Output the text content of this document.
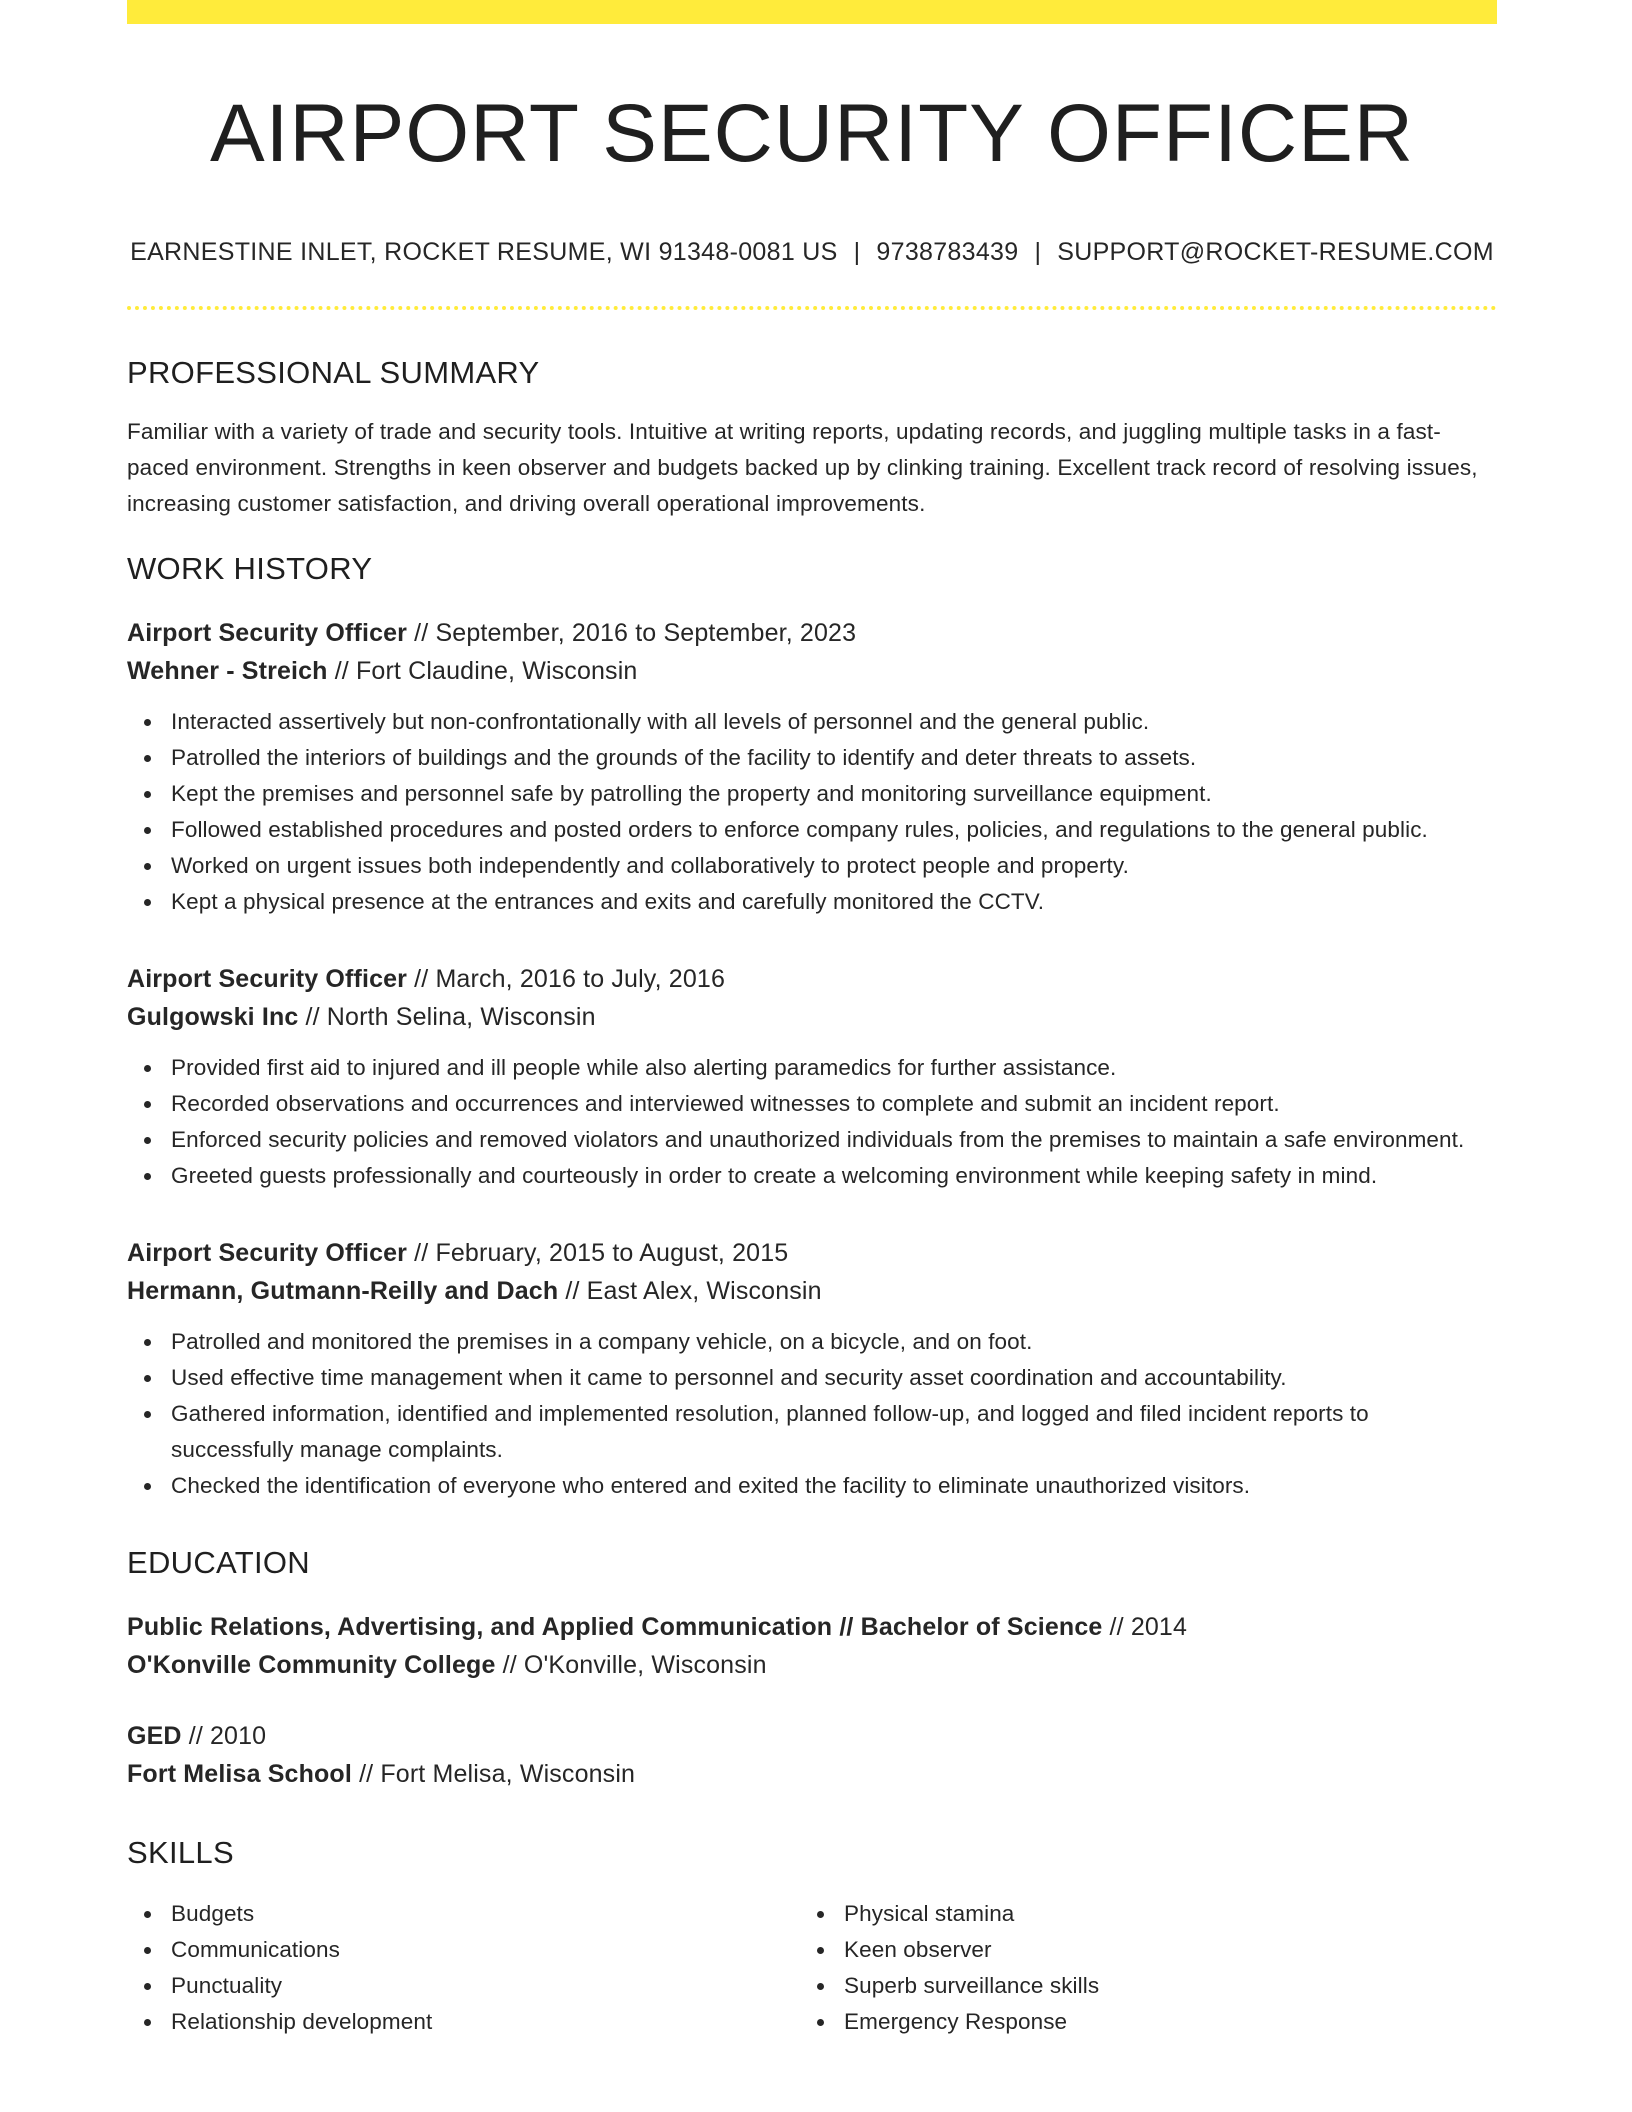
AIRPORT SECURITY OFFICER
EARNESTINE INLET, ROCKET RESUME, WI 91348-0081 US | 9738783439 | SUPPORT@ROCKET-RESUME.COM
PROFESSIONAL SUMMARY

Familiar with a variety of trade and security tools. Intuitive at writing reports, updating records, and juggling multiple tasks in a fast-paced environment. Strengths in keen observer and budgets backed up by clinking training. Excellent track record of resolving issues, increasing customer satisfaction, and driving overall operational improvements.

WORK HISTORY
Airport Security Officer // September, 2016 to September, 2023
Wehner - Streich // Fort Claudine, Wisconsin
Interacted assertively but non-confrontationally with all levels of personnel and the general public.
Patrolled the interiors of buildings and the grounds of the facility to identify and deter threats to assets.
Kept the premises and personnel safe by patrolling the property and monitoring surveillance equipment.
Followed established procedures and posted orders to enforce company rules, policies, and regulations to the general public.
Worked on urgent issues both independently and collaboratively to protect people and property.
Kept a physical presence at the entrances and exits and carefully monitored the CCTV.
Airport Security Officer // March, 2016 to July, 2016
Gulgowski Inc // North Selina, Wisconsin
Provided first aid to injured and ill people while also alerting paramedics for further assistance.
Recorded observations and occurrences and interviewed witnesses to complete and submit an incident report.
Enforced security policies and removed violators and unauthorized individuals from the premises to maintain a safe environment.
Greeted guests professionally and courteously in order to create a welcoming environment while keeping safety in mind.
Airport Security Officer // February, 2015 to August, 2015
Hermann, Gutmann-Reilly and Dach // East Alex, Wisconsin
Patrolled and monitored the premises in a company vehicle, on a bicycle, and on foot.
Used effective time management when it came to personnel and security asset coordination and accountability.
Gathered information, identified and implemented resolution, planned follow-up, and logged and filed incident reports to successfully manage complaints.
Checked the identification of everyone who entered and exited the facility to eliminate unauthorized visitors.
EDUCATION
Public Relations, Advertising, and Applied Communication // Bachelor of Science // 2014
O'Konville Community College // O'Konville, Wisconsin
GED // 2010
Fort Melisa School // Fort Melisa, Wisconsin
SKILLS
Budgets
Communications
Punctuality
Relationship development
Physical stamina
Keen observer
Superb surveillance skills
Emergency Response
